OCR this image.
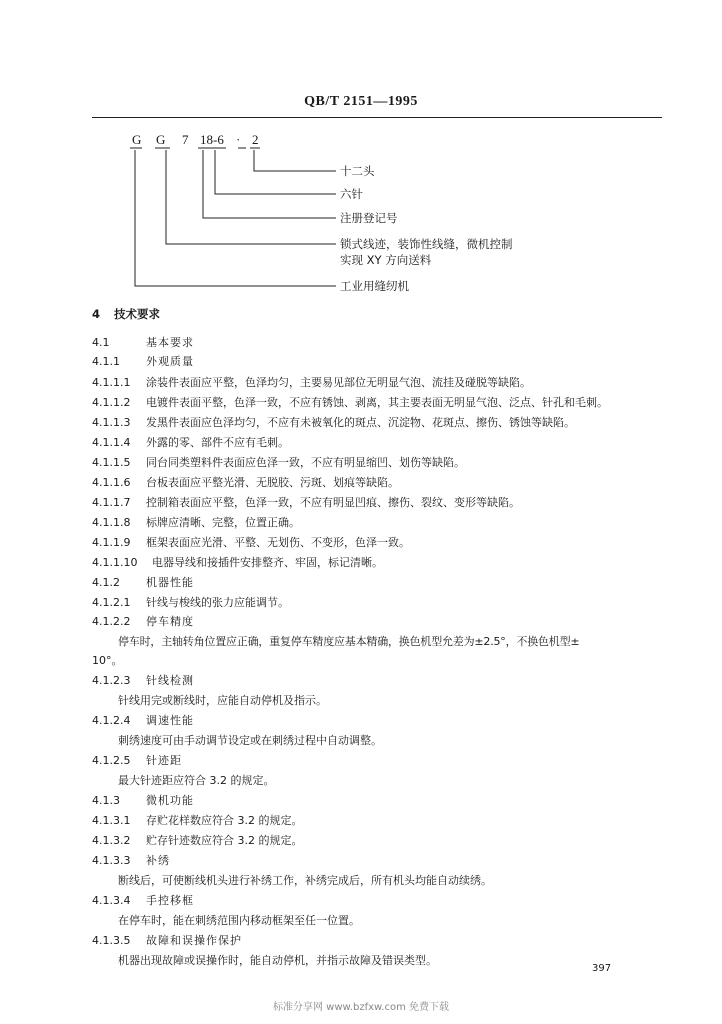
QB/T 2151—1995
G G 7 18-6 · 2
十二头
六针
注册登记号
锁式线迹，装饰性线缝，微机控制
实现 XY 方向送料
工业用缝纫机
4 技术要求
4.1	基本要求
4.1.1 外观质量
4.1.1.1 涂装件表面应平整，色泽均匀，主要易见部位无明显气泡、流挂及碰脱等缺陷。
4.1.1.2 电镀件表面平整，色泽一致，不应有锈蚀、剥离，其主要表面无明显气泡、泛点、针孔和毛刺。
4.1.1.3 发黑件表面应色泽均匀，不应有未被氧化的斑点、沉淀物、花斑点、擦伤、锈蚀等缺陷。
4.1.1.4 外露的零、部件不应有毛刺。
4.1.1.5 同台同类塑料件表面应色泽一致，不应有明显缩凹、划伤等缺陷。
4.1.1.6 台板表面应平整光滑、无脱胶、污斑、划痕等缺陷。
4.1.1.7 控制箱表面应平整，色泽一致，不应有明显凹痕、擦伤、裂纹、变形等缺陷。
4.1.1.8 标牌应清晰、完整，位置正确。
4.1.1.9 框架表面应光滑、平整、无划伤、不变形，色泽一致。
4.1.1.10 电器导线和接插件安排整齐、牢固，标记清晰。
4.1.2 机器性能
4.1.2.1 针线与梭线的张力应能调节。
4.1.2.2 停车精度
停车时，主轴转角位置应正确，重复停车精度应基本精确，换色机型允差为±2.5°，不换色机型±
10°。
4.1.2.3 针线检测
针线用完或断线时，应能自动停机及指示。
4.1.2.4 调速性能
刺绣速度可由手动调节设定或在刺绣过程中自动调整。
4.1.2.5 针迹距
最大针迹距应符合 3.2 的规定。
4.1.3 微机功能
4.1.3.1 存贮花样数应符合 3.2 的规定。
4.1.3.2 贮存针迹数应符合 3.2 的规定。
4.1.3.3 补绣
断线后，可使断线机头进行补绣工作，补绣完成后，所有机头均能自动续绣。
4.1.3.4 手控移框
在停车时，能在刺绣范围内移动框架至任一位置。
4.1.3.5 故障和误操作保护
机器出现故障或误操作时，能自动停机，并指示故障及错误类型。
397
标准分享网 www.bzfxw.com 免费下载
